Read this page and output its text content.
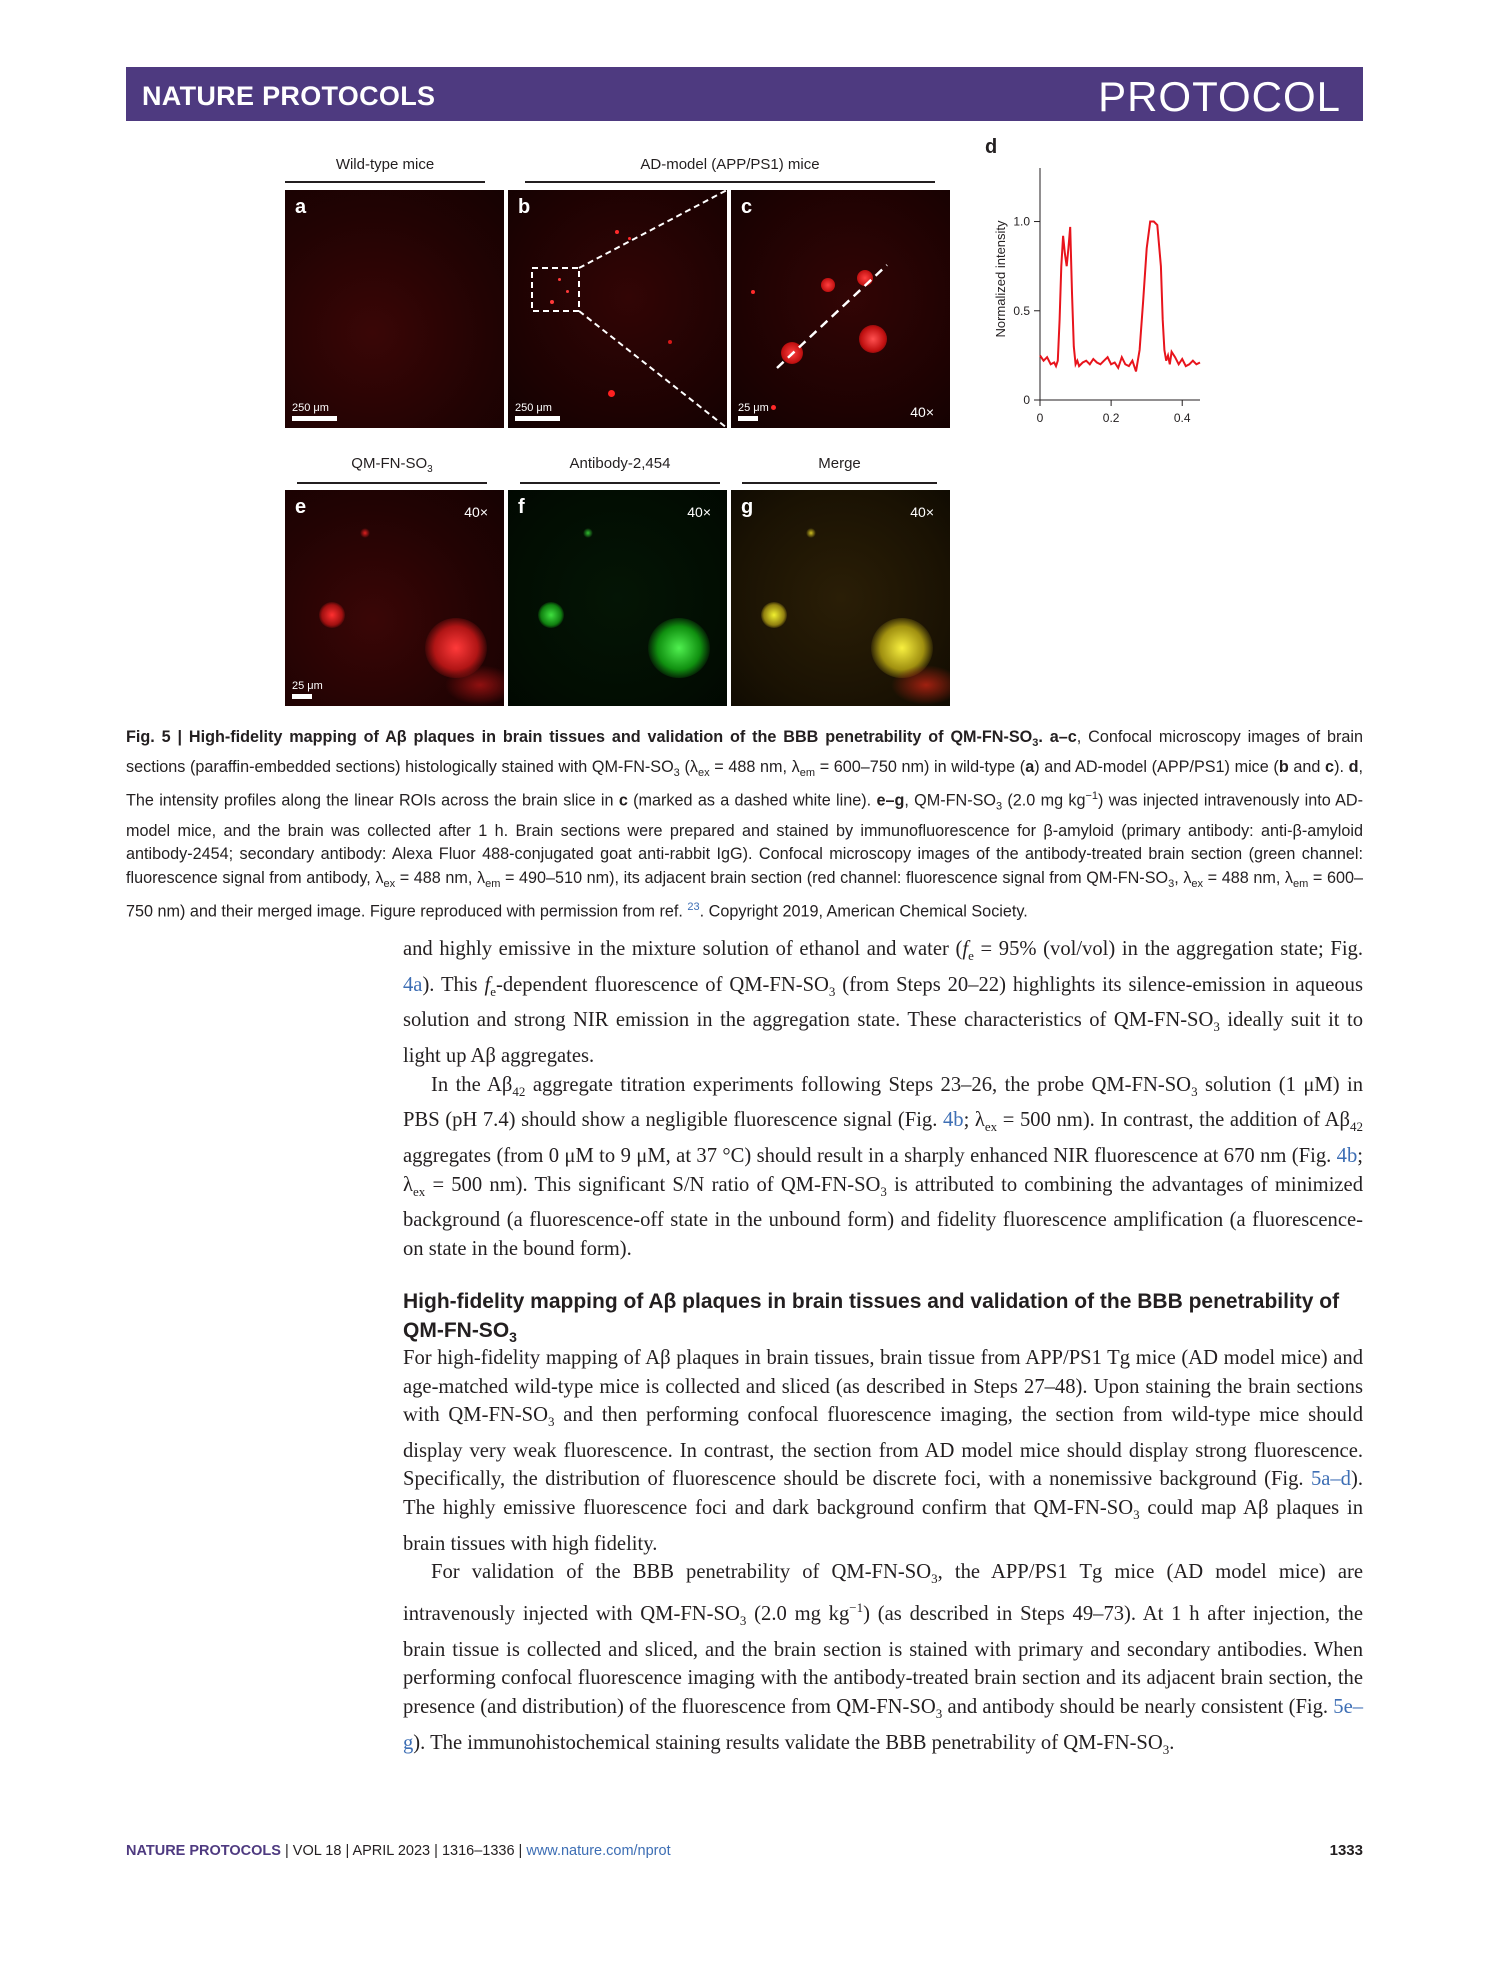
NATURE PROTOCOLS	PROTOCOL
Wild-type mice	AD-model (APP/PS1) mice
a
250 μm
b
250 μm
c
40×
25 μm
d
0
0.5
1.0
0	0.2	0.4
Normalized intensity
$QM-FN-SO_3$	Antibody-2,454	Merge
e	40×
25 μm
f	40× g	40×
Fig. 5 | High-fidelity mapping of Aβ plaques in brain tissues and validation of the BBB penetrability of $QM-FN-SO_3$. a–c, Confocal microscopy images of brain sections (paraffin-embedded sections) histologically stained with $QM-FN-SO_3$ ($\lambda_{ex} = 488$ nm, $\lambda_{em} = 600-750$ nm) in wild-type (a) and AD-model (APP/PS1) mice (b and c). d, The intensity profiles along the linear ROIs across the brain slice in c (marked as a dashed white line). e–g, $QM-FN-SO_3$ (2.0 mg $kg^{-1}$) was injected intravenously into AD-model mice, and the brain was collected after 1 h. Brain sections were prepared and stained by immunofluorescence for β-amyloid (primary antibody: anti-β-amyloid antibody-2454; secondary antibody: Alexa Fluor 488-conjugated goat anti-rabbit IgG). Confocal microscopy images of the antibody-treated brain section (green channel: fluorescence signal from antibody, $\lambda_{ex} = 488$ nm, $\lambda_{em} = 490-510$ nm), its adjacent brain section (red channel: fluorescence signal from $QM-FN-SO_3$, $\lambda_{ex} = 488$ nm, $\lambda_{em} = 600-750$ nm) and their merged image. Figure reproduced with permission from ref. $^{23}$. Copyright 2019, American Chemical Society.

and highly emissive in the mixture solution of ethanol and water ($f_e = 95\%$ (vol/vol) in the aggregation state; Fig. 4a). This $f_e$-dependent fluorescence of $QM-FN-SO_3$ (from Steps 20–22) highlights its silence-emission in aqueous solution and strong NIR emission in the aggregation state. These characteristics of $QM-FN-SO_3$ ideally suit it to light up Aβ aggregates.

In the $A\beta_{42}$ aggregate titration experiments following Steps 23–26, the probe $QM-FN-SO_3$ solution (1 μM) in PBS (pH 7.4) should show a negligible fluorescence signal (Fig. 4b; $\lambda_{ex} = 500$ nm). In contrast, the addition of $A\beta_{42}$ aggregates (from 0 μM to 9 μM, at 37 °C) should result in a sharply enhanced NIR fluorescence at 670 nm (Fig. 4b; $\lambda_{ex} = 500$ nm). This significant S/N ratio of $QM-FN-SO_3$ is attributed to combining the advantages of minimized background (a fluorescence-off state in the unbound form) and fidelity fluorescence amplification (a fluorescence-on state in the bound form).

High-fidelity mapping of Aβ plaques in brain tissues and validation of the BBB penetrability of $QM-FN-SO_3$

For high-fidelity mapping of Aβ plaques in brain tissues, brain tissue from APP/PS1 Tg mice (AD model mice) and age-matched wild-type mice is collected and sliced (as described in Steps 27–48). Upon staining the brain sections with $QM-FN-SO_3$ and then performing confocal fluorescence imaging, the section from wild-type mice should display very weak fluorescence. In contrast, the section from AD model mice should display strong fluorescence. Specifically, the distribution of fluorescence should be discrete foci, with a nonemissive background (Fig. 5a–d). The highly emissive fluorescence foci and dark background confirm that $QM-FN-SO_3$ could map Aβ plaques in brain tissues with high fidelity.

For validation of the BBB penetrability of $QM-FN-SO_3$, the APP/PS1 Tg mice (AD model mice) are intravenously injected with $QM-FN-SO_3$ (2.0 mg $kg^{-1}$) (as described in Steps 49–73). At 1 h after injection, the brain tissue is collected and sliced, and the brain section is stained with primary and secondary antibodies. When performing confocal fluorescence imaging with the antibody-treated brain section and its adjacent brain section, the presence (and distribution) of the fluorescence from $QM-FN-SO_3$ and antibody should be nearly consistent (Fig. 5e–g). The immunohistochemical staining results validate the BBB penetrability of $QM-FN-SO_3$.

NATURE PROTOCOLS | VOL 18 | APRIL 2023 | 1316–1336 | www.nature.com/nprot	1333
